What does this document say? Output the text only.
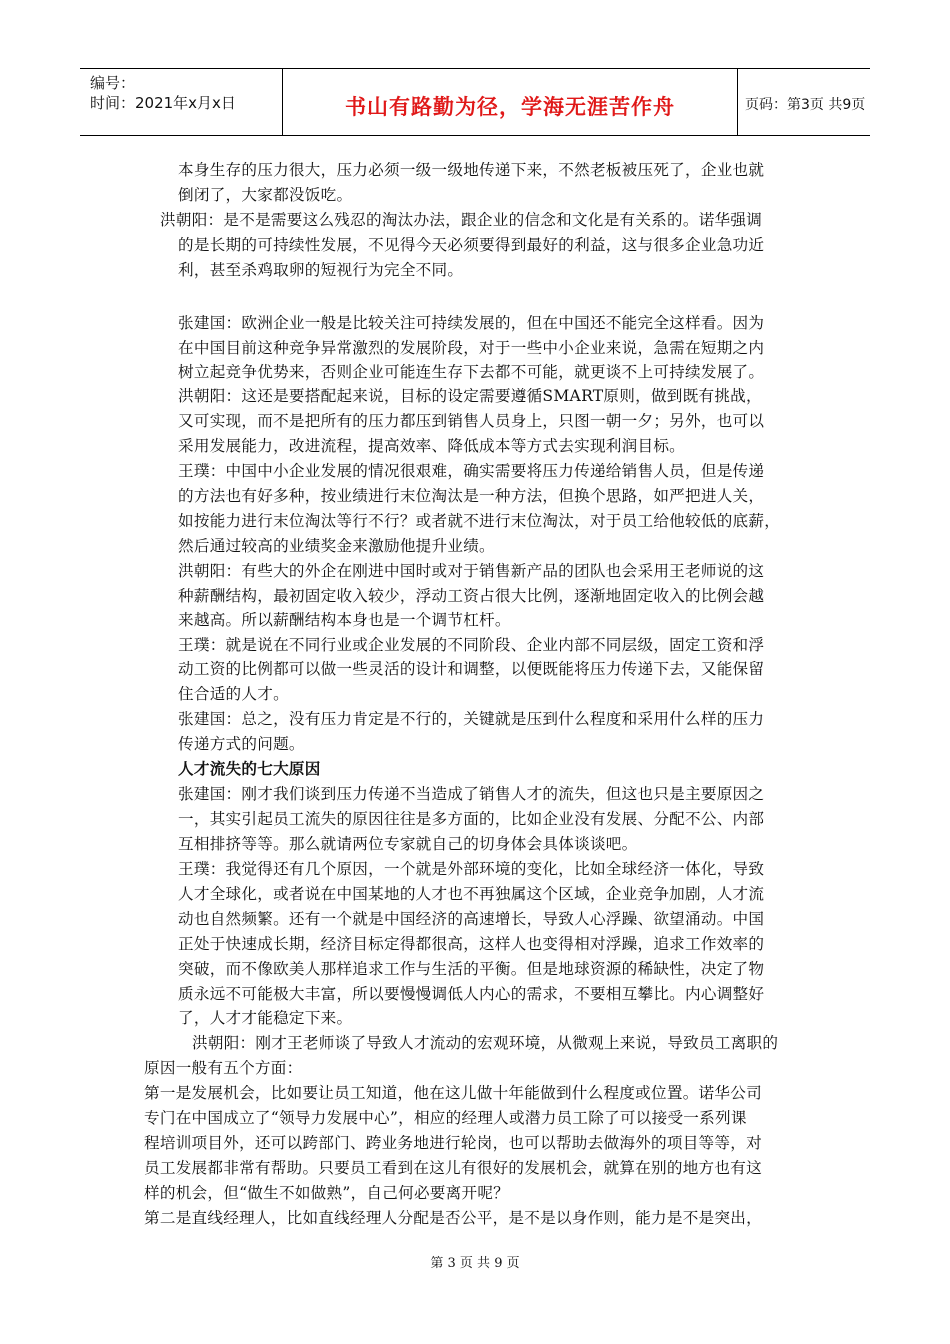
编号：
时间：2021年x月x日	书山有路勤为径，学海无涯苦作舟	页码：第3页 共9页
本身生存的压力很大，压力必须一级一级地传递下来，不然老板被压死了，企业也就
倒闭了，大家都没饭吃。
洪朝阳：是不是需要这么残忍的淘汰办法，跟企业的信念和文化是有关系的。诺华强调
的是长期的可持续性发展，不见得今天必须要得到最好的利益，这与很多企业急功近
利，甚至杀鸡取卵的短视行为完全不同。
张建国：欧洲企业一般是比较关注可持续发展的，但在中国还不能完全这样看。因为
在中国目前这种竞争异常激烈的发展阶段，对于一些中小企业来说，急需在短期之内
树立起竞争优势来，否则企业可能连生存下去都不可能，就更谈不上可持续发展了。
洪朝阳：这还是要搭配起来说，目标的设定需要遵循SMART原则，做到既有挑战，
又可实现，而不是把所有的压力都压到销售人员身上，只图一朝一夕；另外，也可以
采用发展能力，改进流程，提高效率、降低成本等方式去实现利润目标。
王璞：中国中小企业发展的情况很艰难，确实需要将压力传递给销售人员，但是传递
的方法也有好多种，按业绩进行末位淘汰是一种方法，但换个思路，如严把进人关，
如按能力进行末位淘汰等行不行？或者就不进行末位淘汰，对于员工给他较低的底薪，
然后通过较高的业绩奖金来激励他提升业绩。
洪朝阳：有些大的外企在刚进中国时或对于销售新产品的团队也会采用王老师说的这
种薪酬结构，最初固定收入较少，浮动工资占很大比例，逐渐地固定收入的比例会越
来越高。所以薪酬结构本身也是一个调节杠杆。
王璞：就是说在不同行业或企业发展的不同阶段、企业内部不同层级，固定工资和浮
动工资的比例都可以做一些灵活的设计和调整，以便既能将压力传递下去，又能保留
住合适的人才。
张建国：总之，没有压力肯定是不行的，关键就是压到什么程度和采用什么样的压力
传递方式的问题。
人才流失的七大原因
张建国：刚才我们谈到压力传递不当造成了销售人才的流失，但这也只是主要原因之
一，其实引起员工流失的原因往往是多方面的，比如企业没有发展、分配不公、内部
互相排挤等等。那么就请两位专家就自己的切身体会具体谈谈吧。
王璞：我觉得还有几个原因，一个就是外部环境的变化，比如全球经济一体化，导致
人才全球化，或者说在中国某地的人才也不再独属这个区域，企业竞争加剧，人才流
动也自然频繁。还有一个就是中国经济的高速增长，导致人心浮躁、欲望涌动。中国
正处于快速成长期，经济目标定得都很高，这样人也变得相对浮躁，追求工作效率的
突破，而不像欧美人那样追求工作与生活的平衡。但是地球资源的稀缺性，决定了物
质永远不可能极大丰富，所以要慢慢调低人内心的需求，不要相互攀比。内心调整好
了，人才才能稳定下来。
洪朝阳：刚才王老师谈了导致人才流动的宏观环境，从微观上来说，导致员工离职的
原因一般有五个方面：
第一是发展机会，比如要让员工知道，他在这儿做十年能做到什么程度或位置。诺华公司
专门在中国成立了“领导力发展中心”，相应的经理人或潜力员工除了可以接受一系列课
程培训项目外，还可以跨部门、跨业务地进行轮岗，也可以帮助去做海外的项目等等，对
员工发展都非常有帮助。只要员工看到在这儿有很好的发展机会，就算在别的地方也有这
样的机会，但“做生不如做熟”，自己何必要离开呢？
第二是直线经理人，比如直线经理人分配是否公平，是不是以身作则，能力是不是突出，
第 3 页 共 9 页
